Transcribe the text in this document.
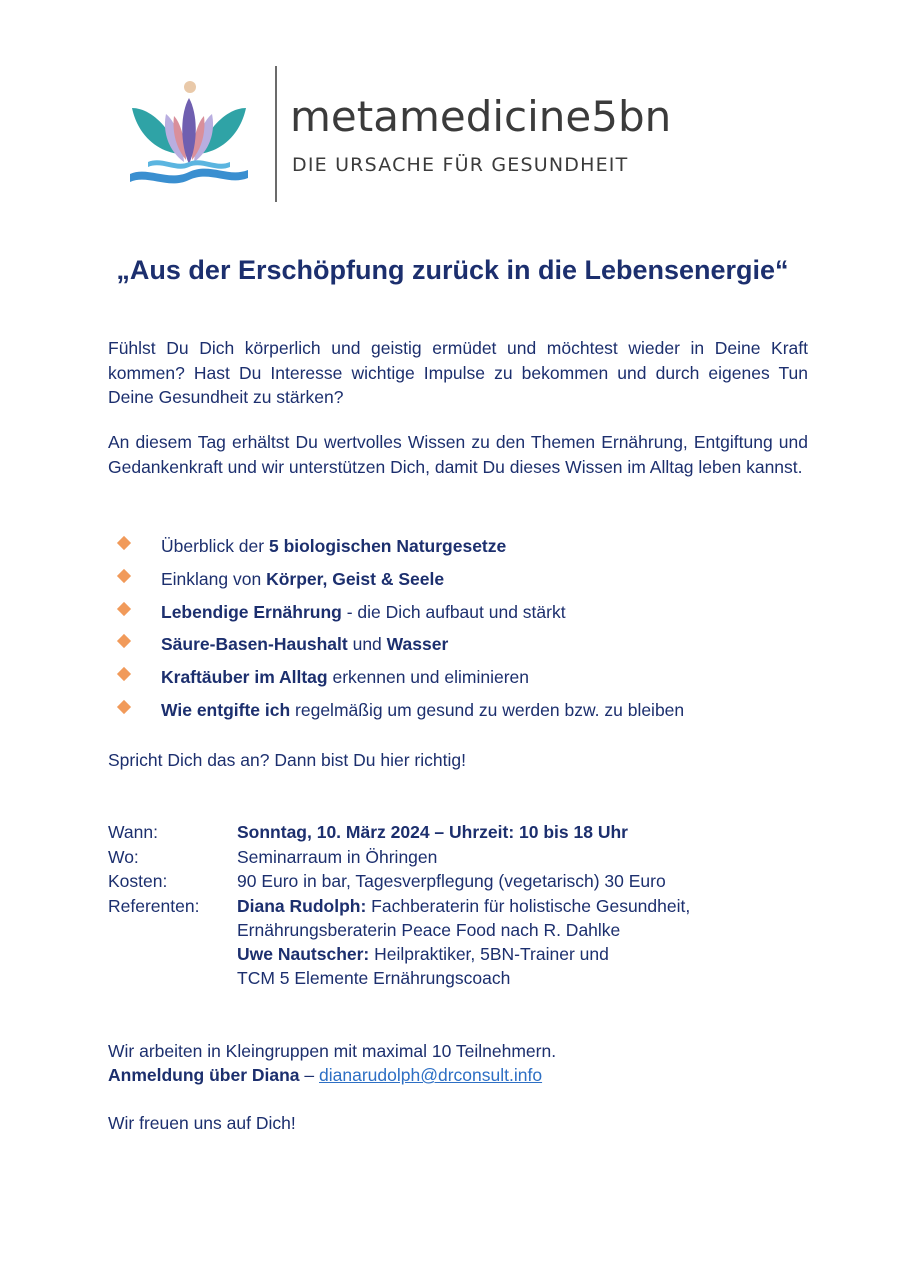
metamedicine5bn
DIE URSACHE FÜR GESUNDHEIT
„Aus der Erschöpfung zurück in die Lebensenergie“

Fühlst Du Dich körperlich und geistig ermüdet und möchtest wieder in Deine Kraft kommen? Hast Du Interesse wichtige Impulse zu bekommen und durch eigenes Tun Deine Gesundheit zu stärken?

An diesem Tag erhältst Du wertvolles Wissen zu den Themen Ernährung, Entgiftung und Gedankenkraft und wir unterstützen Dich, damit Du dieses Wissen im Alltag leben kannst.

Überblick der 5 biologischen Naturgesetze
Einklang von Körper, Geist & Seele
Lebendige Ernährung - die Dich aufbaut und stärkt
Säure-Basen-Haushalt und Wasser
Kraftäuber im Alltag erkennen und eliminieren
Wie entgifte ich regelmäßig um gesund zu werden bzw. zu bleiben
Spricht Dich das an? Dann bist Du hier richtig!
Wann:	Sonntag, 10. März 2024 – Uhrzeit: 10 bis 18 Uhr
Wo:	Seminarraum in Öhringen
Kosten:	90 Euro in bar, Tagesverpflegung (vegetarisch) 30 Euro
Referenten: Diana Rudolph: Fachberaterin für holistische Gesundheit,
Ernährungsberaterin Peace Food nach R. Dahlke
Uwe Nautscher: Heilpraktiker, 5BN-Trainer und
TCM 5 Elemente Ernährungscoach
Wir arbeiten in Kleingruppen mit maximal 10 Teilnehmern.
Anmeldung über Diana – dianarudolph@drconsult.info
Wir freuen uns auf Dich!
